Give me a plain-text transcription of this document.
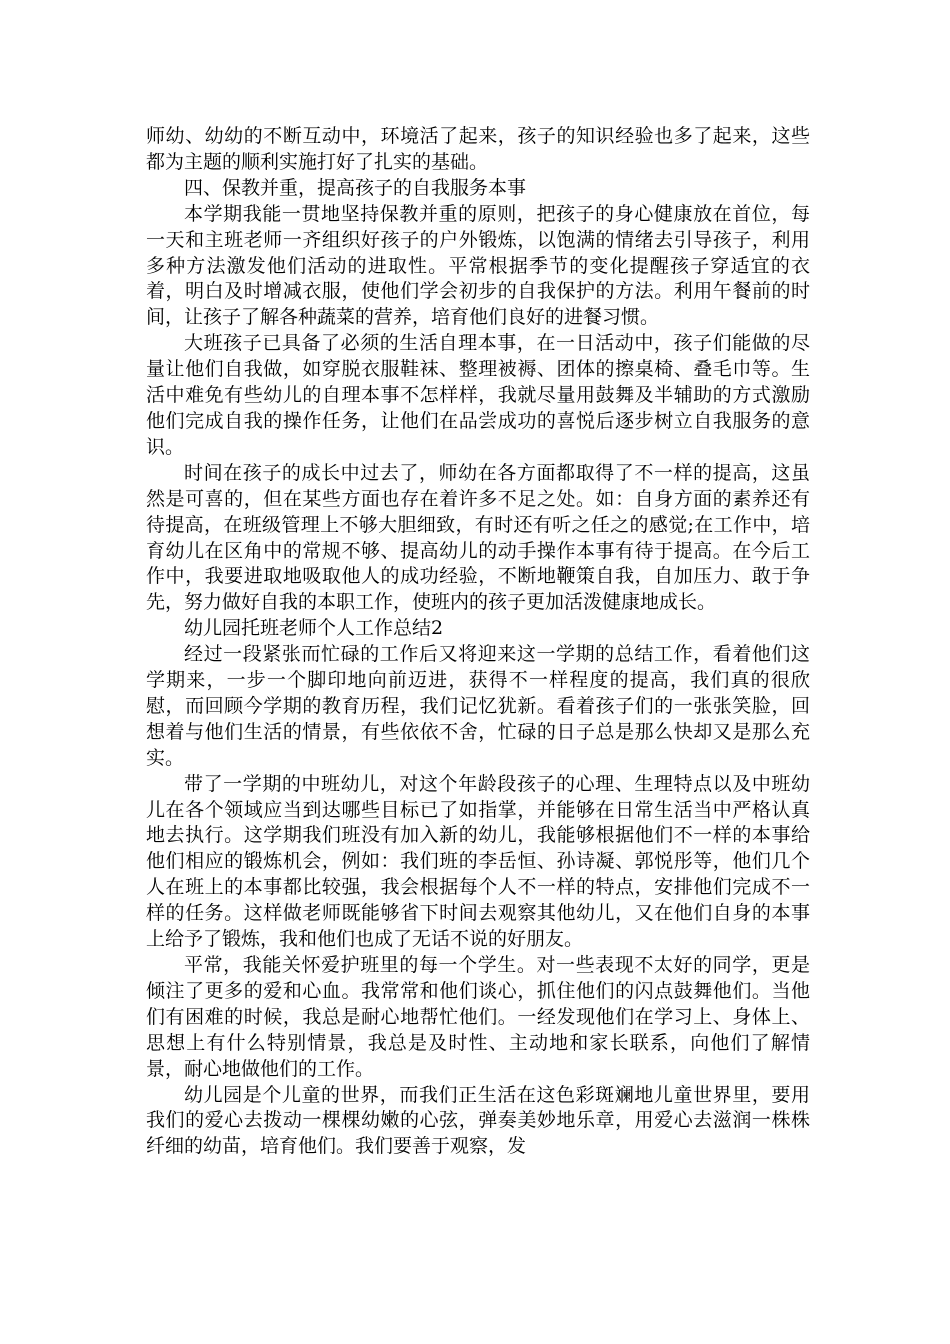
师幼、幼幼的不断互动中，环境活了起来，孩子的知识经验也多了起来，这些都为主题的顺利实施打好了扎实的基础。

四、保教并重，提高孩子的自我服务本事

本学期我能一贯地坚持保教并重的原则，把孩子的身心健康放在首位，每一天和主班老师一齐组织好孩子的户外锻炼，以饱满的情绪去引导孩子，利用多种方法激发他们活动的进取性。平常根据季节的变化提醒孩子穿适宜的衣着，明白及时增减衣服，使他们学会初步的自我保护的方法。利用午餐前的时间，让孩子了解各种蔬菜的营养，培育他们良好的进餐习惯。

大班孩子已具备了必须的生活自理本事，在一日活动中，孩子们能做的尽量让他们自我做，如穿脱衣服鞋袜、整理被褥、团体的擦桌椅、叠毛巾等。生活中难免有些幼儿的自理本事不怎样样，我就尽量用鼓舞及半辅助的方式激励他们完成自我的操作任务，让他们在品尝成功的喜悦后逐步树立自我服务的意识。

时间在孩子的成长中过去了，师幼在各方面都取得了不一样的提高，这虽然是可喜的，但在某些方面也存在着许多不足之处。如：自身方面的素养还有待提高，在班级管理上不够大胆细致，有时还有听之任之的感觉;在工作中，培育幼儿在区角中的常规不够、提高幼儿的动手操作本事有待于提高。在今后工作中，我要进取地吸取他人的成功经验，不断地鞭策自我，自加压力、敢于争先，努力做好自我的本职工作，使班内的孩子更加活泼健康地成长。

幼儿园托班老师个人工作总结2

经过一段紧张而忙碌的工作后又将迎来这一学期的总结工作，看着他们这学期来，一步一个脚印地向前迈进，获得不一样程度的提高，我们真的很欣慰，而回顾今学期的教育历程，我们记忆犹新。看着孩子们的一张张笑脸，回想着与他们生活的情景，有些依依不舍，忙碌的日子总是那么快却又是那么充实。

带了一学期的中班幼儿，对这个年龄段孩子的心理、生理特点以及中班幼儿在各个领域应当到达哪些目标已了如指掌，并能够在日常生活当中严格认真地去执行。这学期我们班没有加入新的幼儿，我能够根据他们不一样的本事给他们相应的锻炼机会，例如：我们班的李岳恒、孙诗凝、郭悦彤等，他们几个人在班上的本事都比较强，我会根据每个人不一样的特点，安排他们完成不一样的任务。这样做老师既能够省下时间去观察其他幼儿，又在他们自身的本事上给予了锻炼，我和他们也成了无话不说的好朋友。

平常，我能关怀爱护班里的每一个学生。对一些表现不太好的同学，更是倾注了更多的爱和心血。我常常和他们谈心，抓住他们的闪点鼓舞他们。当他们有困难的时候，我总是耐心地帮忙他们。一经发现他们在学习上、身体上、思想上有什么特别情景，我总是及时性、主动地和家长联系，向他们了解情景，耐心地做他们的工作。

幼儿园是个儿童的世界，而我们正生活在这色彩斑斓地儿童世界里，要用我们的爱心去拨动一棵棵幼嫩的心弦，弹奏美妙地乐章，用爱心去滋润一株株纤细的幼苗，培育他们。我们要善于观察，发
